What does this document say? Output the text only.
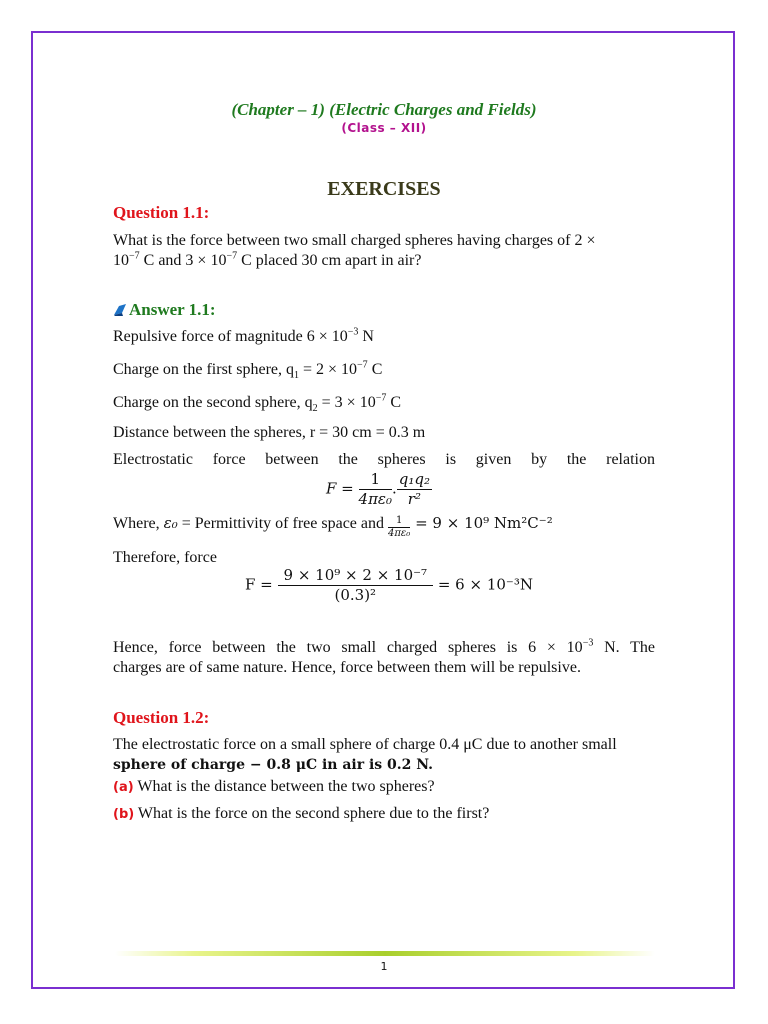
(Chapter – 1) (Electric Charges and Fields)
(Class – XII)
EXERCISES
Question 1.1:
What is the force between two small charged spheres having charges of 2 ×
$10^{-7}$ C and $3 \times 10^{-7}$ C placed 30 cm apart in air?
Answer 1.1:
Repulsive force of magnitude $6 \times 10^{-3}$ N
Charge on the first sphere, $q_1 = 2 \times 10^{-7}$ C
Charge on the second sphere, $q_2 = 3 \times 10^{-7}$ C
Distance between the spheres, r = 30 cm = 0.3 m
Electrostatic force between the spheres is given by the relation
$F = \frac{1}{\text{4πε₀}}$ . $\frac{\text{q₁q₂}}{\text{r²}}$
Where, ε₀ = Permittivity of free space and $\frac{1}{\text{4πε₀}} = 9 \times 10^9$ Nm²C⁻²
Therefore, force
$F = \frac{\text{9 × 10⁹ × 2 × 10⁻⁷}}{\text{(0.3)²}} = 6 \times 10^{-3}N$
Hence, force between the two small charged spheres is $6 \times 10^{-3}$ N. The
charges are of same nature. Hence, force between them will be repulsive.
Question 1.2:
The electrostatic force on a small sphere of charge 0.4 μC due to another small
sphere of charge − 0.8 μC in air is 0.2 N.
(a) What is the distance between the two spheres?
(b) What is the force on the second sphere due to the first?
1
